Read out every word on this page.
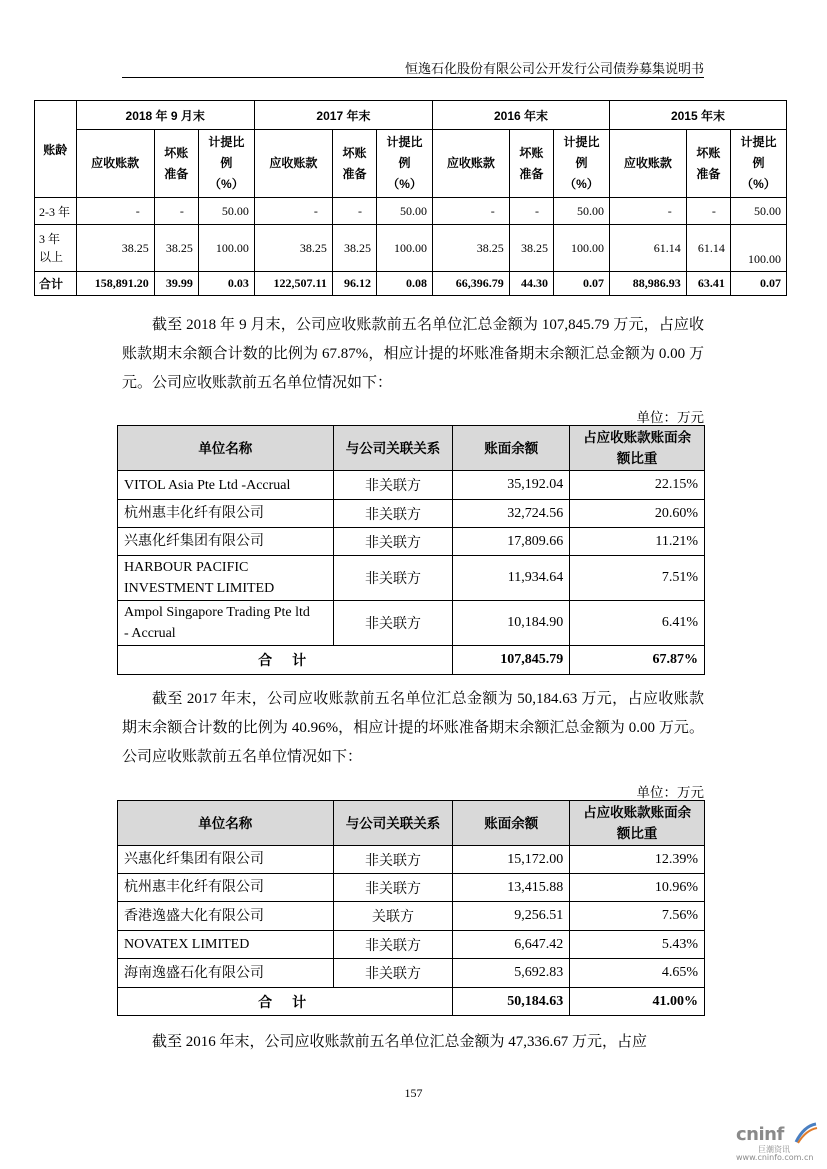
恒逸石化股份有限公司公开发行公司债券募集说明书
账龄	2018 年 9 月末			2017 年末			2016 年末			2015 年末		
	应收账款	坏账
准备	计提比
例
（%）	应收账款	坏账
准备	计提比
例
（%）	应收账款	坏账
准备	计提比
例
（%）	应收账款	坏账
准备	计提比
例
（%）
2-3 年	-	-	50.00	-	-	50.00	-	-	50.00	-	-	50.00
3 年
以上	38.25	38.25	100.00	38.25	38.25	100.00	38.25	38.25	100.00	61.14	61.14	100.00
合计	158,891.20	39.99	0.03	122,507.11	96.12	0.08	66,396.79	44.30	0.07	88,986.93	63.41	0.07

截至 2018 年 9 月末，公司应收账款前五名单位汇总金额为 107,845.79 万元，占应收账款期末余额合计数的比例为 67.87%，相应计提的坏账准备期末余额汇总金额为 0.00 万元。公司应收账款前五名单位情况如下：

单位：万元
单位名称	与公司关联关系	账面余额	占应收账款账面余
额比重
VITOL Asia Pte Ltd -Accrual	非关联方	35,192.04	22.15%
杭州惠丰化纤有限公司	非关联方	32,724.56	20.60%
兴惠化纤集团有限公司	非关联方	17,809.66	11.21%
HARBOUR PACIFIC
INVESTMENT LIMITED	非关联方	11,934.64	7.51%
Ampol Singapore Trading Pte ltd
- Accrual	非关联方	10,184.90	6.41%
合计		107,845.79	67.87%

截至 2017 年末，公司应收账款前五名单位汇总金额为 50,184.63 万元，占应收账款期末余额合计数的比例为 40.96%，相应计提的坏账准备期末余额汇总金额为 0.00 万元。公司应收账款前五名单位情况如下：

单位：万元
单位名称	与公司关联关系	账面余额	占应收账款账面余
额比重
兴惠化纤集团有限公司	非关联方	15,172.00	12.39%
杭州惠丰化纤有限公司	非关联方	13,415.88	10.96%
香港逸盛大化有限公司	关联方	9,256.51	7.56%
NOVATEX LIMITED	非关联方	6,647.42	5.43%
海南逸盛石化有限公司	非关联方	5,692.83	4.65%
合计		50,184.63	41.00%

截至 2016 年末，公司应收账款前五名单位汇总金额为 47,336.67 万元，占应

157
cninf
巨潮资讯
www.cninfo.com.cn
